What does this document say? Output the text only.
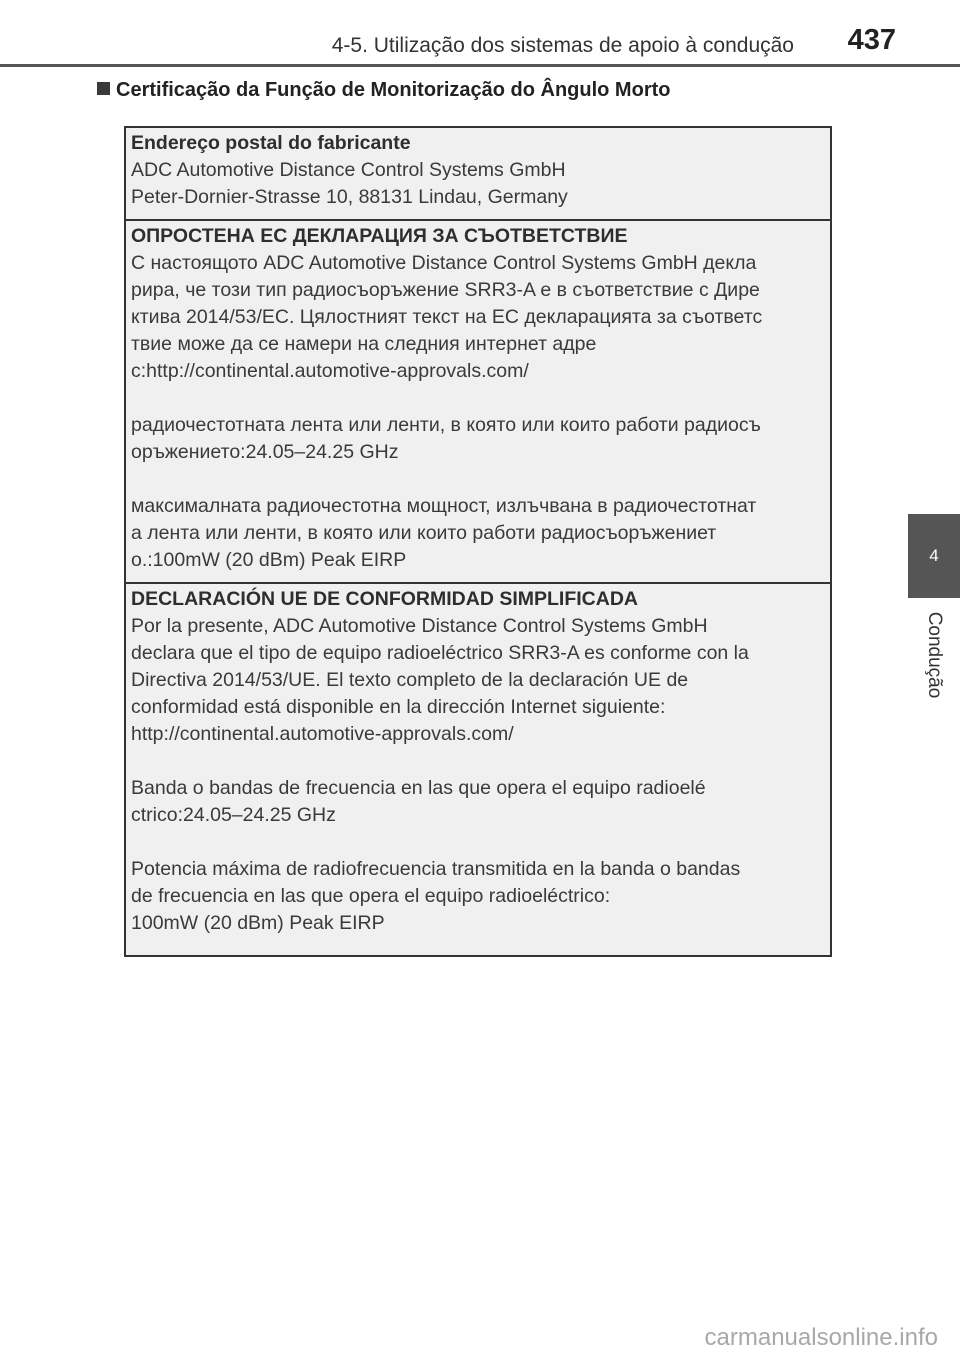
4-5. Utilização dos sistemas de apoio à condução 437
4
Condução
Certificação da Função de Monitorização do Ângulo Morto

Endereço postal do fabricante

ADC Automotive Distance Control Systems GmbH

Peter-Dornier-Strasse 10, 88131 Lindau, Germany

ОПРОСТЕНА ЕС ДЕКЛАРАЦИЯ ЗА СЪОТВЕТСТВИЕ

С настоящото ADC Automotive Distance Control Systems GmbH декла

рира, че този тип радиосъоръжение SRR3-A е в съответствие с Дире

ктива 2014/53/ЕС. Цялостният текст на ЕС декларацията за съответс

твие може да се намери на следния интернет адре

с:http://continental.automotive-approvals.com/

радиочестотната лента или ленти, в която или които работи радиосъ

оръжението:24.05–24.25 GHz

максималната радиочестотна мощност, излъчвана в радиочестотнат

а лента или ленти, в която или които работи радиосъоръжениет

о.:100mW (20 dBm) Peak EIRP

DECLARACIÓN UE DE CONFORMIDAD SIMPLIFICADA

Por la presente, ADC Automotive Distance Control Systems GmbH

declara que el tipo de equipo radioeléctrico SRR3-A es conforme con la

Directiva 2014/53/UE. El texto completo de la declaración UE de

conformidad está disponible en la dirección Internet siguiente:

http://continental.automotive-approvals.com/

Banda o bandas de frecuencia en las que opera el equipo radioelé

ctrico:24.05–24.25 GHz

Potencia máxima de radiofrecuencia transmitida en la banda o bandas

de frecuencia en las que opera el equipo radioeléctrico:

100mW (20 dBm) Peak EIRP

carmanualsonline.info
